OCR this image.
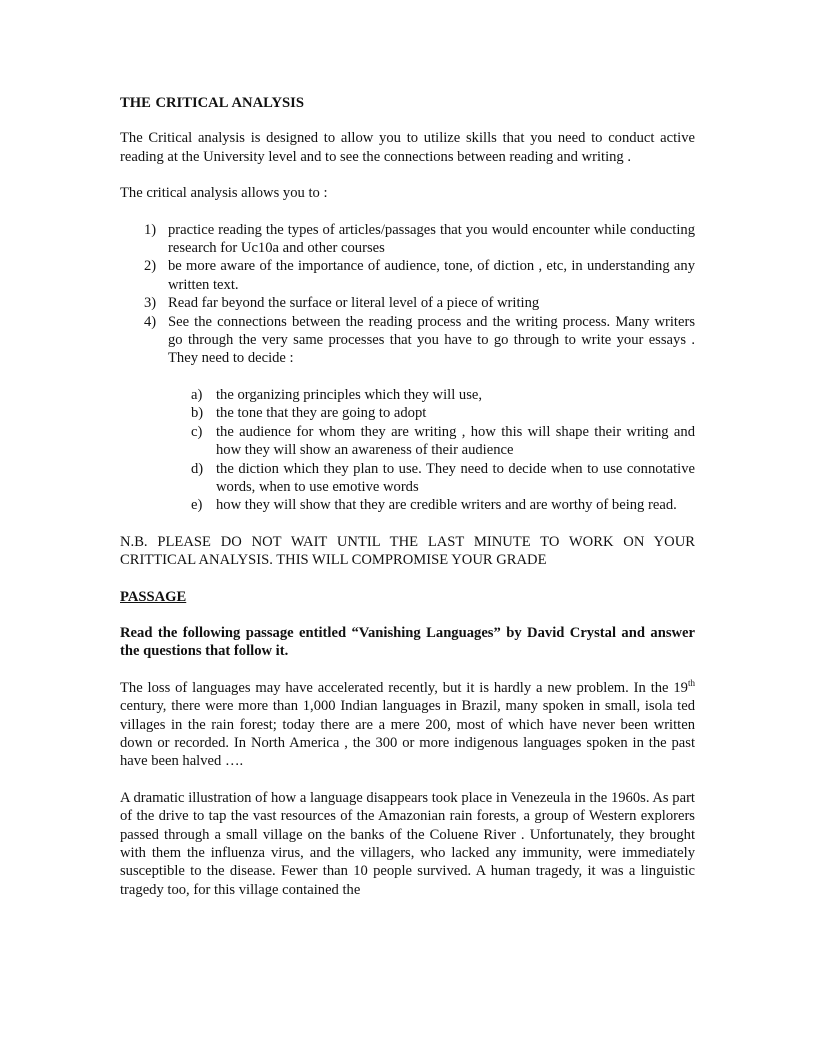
THE CRITICAL ANALYSIS

The Critical analysis is designed to allow you to utilize skills that you need to conduct active reading at the University level and to see the connections between reading and writing .

The critical analysis allows you to :

1) practice reading the types of articles/passages that you would encounter while conducting research for Uc10a and other courses
2) be more aware of the importance of audience, tone, of diction , etc, in understanding any written text.
3) Read far beyond the surface or literal level of a piece of writing
4) See the connections between the reading process and the writing process. Many writers go through the very same processes that you have to go through to write your essays . They need to decide :
a) the organizing principles which they will use,
b) the tone that they are going to adopt
c) the audience for whom they are writing , how this will shape their writing and how they will show an awareness of their audience
d) the diction which they plan to use. They need to decide when to use connotative words, when to use emotive words
e) how they will show that they are credible writers and are worthy of being read.

N.B. PLEASE DO NOT WAIT UNTIL THE LAST MINUTE TO WORK ON YOUR CRITTICAL ANALYSIS. THIS WILL COMPROMISE YOUR GRADE

PASSAGE

Read the following passage entitled “Vanishing Languages” by David Crystal and answer the questions that follow it.

The loss of languages may have accelerated recently, but it is hardly a new problem. In the 19th century, there were more than 1,000 Indian languages in Brazil, many spoken in small, isola ted villages in the rain forest; today there are a mere 200, most of which have never been written down or recorded. In North America , the 300 or more indigenous languages spoken in the past have been halved ….

A dramatic illustration of how a language disappears took place in Venezeula in the 1960s. As part of the drive to tap the vast resources of the Amazonian rain forests, a group of Western explorers passed through a small village on the banks of the Coluene River . Unfortunately, they brought with them the influenza virus, and the villagers, who lacked any immunity, were immediately susceptible to the disease. Fewer than 10 people survived. A human tragedy, it was a linguistic tragedy too, for this village contained the
